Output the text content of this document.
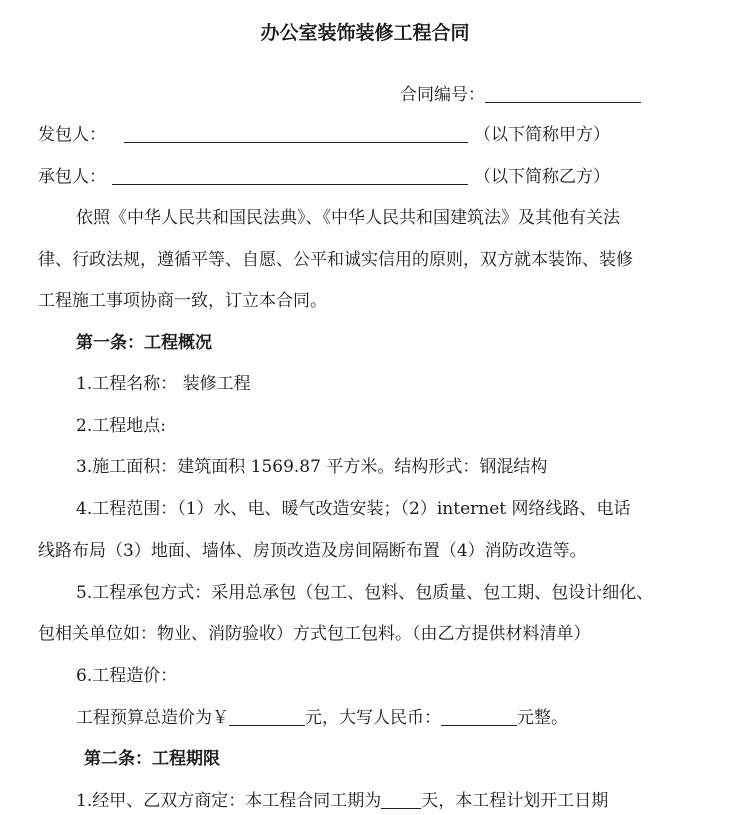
办公室装饰装修工程合同
合同编号：
发包人：	（以下简称甲方）
承包人：	（以下简称乙方）
依照《中华人民共和国民法典》、《中华人民共和国建筑法》及其他有关法
律、行政法规，遵循平等、自愿、公平和诚实信用的原则，双方就本装饰、装修
工程施工事项协商一致，订立本合同。
第一条：工程概况
1.工程名称： 装修工程
2.工程地点:
3.施工面积：建筑面积 1569.87 平方米。结构形式：钢混结构
4.工程范围：（1）水、电、暖气改造安装；（2）internet 网络线路、电话
线路布局（3）地面、墙体、房顶改造及房间隔断布置（4）消防改造等。
5.工程承包方式：采用总承包（包工、包料、包质量、包工期、包设计细化、
包相关单位如：物业、消防验收）方式包工包料。（由乙方提供材料清单）
6.工程造价：
工程预算总造价为￥	元，大写人民币：	元整。
第二条：工程期限
1.经甲、乙双方商定：本工程合同工期为 天，本工程计划开工日期
